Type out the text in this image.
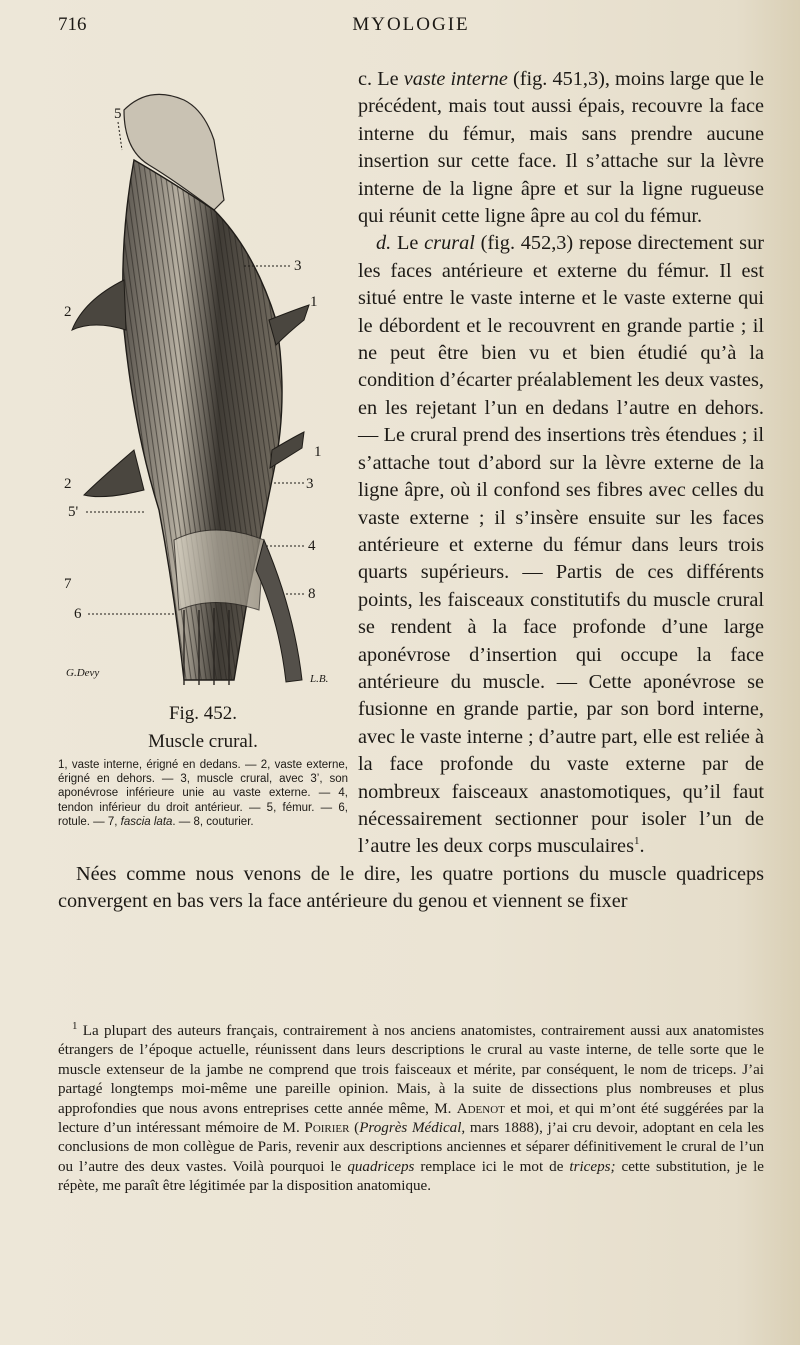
716	MYOLOGIE
5
3
2
1
1
2	3
5'
4
7
8
6
G.Devy	L.B.
Fig. 452.
Muscle crural.
1, vaste interne, érigné en dedans. — 2, vaste externe, érigné en dehors. — 3, muscle crural, avec 3’, son aponévrose inférieure unie au vaste externe. — 4, tendon inférieur du droit antérieur. — 5, fémur. — 6, rotule. — 7, fascia lata. — 8, couturier.

c. Le vaste interne (fig. 451,3), moins large que le précédent, mais tout aussi épais, recouvre la face interne du fémur, mais sans prendre aucune insertion sur cette face. Il s’attache sur la lèvre interne de la ligne âpre et sur la ligne rugueuse qui réunit cette ligne âpre au col du fémur.

d. Le crural (fig. 452,3) repose directement sur les faces antérieure et externe du fémur. Il est situé entre le vaste interne et le vaste externe qui le débordent et le recouvrent en grande partie ; il ne peut être bien vu et bien étudié qu’à la condition d’écarter préalablement les deux vastes, en les rejetant l’un en dedans l’autre en dehors. — Le crural prend des insertions très étendues ; il s’attache tout d’abord sur la lèvre externe de la ligne âpre, où il confond ses fibres avec celles du vaste externe ; il s’insère ensuite sur les faces antérieure et externe du fémur dans leurs trois quarts supérieurs. — Partis de ces différents points, les faisceaux constitutifs du muscle crural se rendent à la face profonde d’une large aponévrose d’insertion qui occupe la face antérieure du muscle. — Cette aponévrose se fusionne en grande partie, par son bord interne, avec le vaste interne ; d’autre part, elle est reliée à la face profonde du vaste externe par de nombreux faisceaux anastomotiques, qu’il faut nécessairement sectionner pour isoler l’un de l’autre les deux corps musculaires$^1$.

Nées comme nous venons de le dire, les quatre portions du muscle quadriceps convergent en bas vers la face antérieure du genou et viennent se fixer

$^1$ La plupart des auteurs français, contrairement à nos anciens anatomistes, contrairement aussi aux anatomistes étrangers de l’époque actuelle, réunissent dans leurs descriptions le crural au vaste interne, de telle sorte que le muscle extenseur de la jambe ne comprend que trois faisceaux et mérite, par conséquent, le nom de triceps. J’ai partagé longtemps moi-même une pareille opinion. Mais, à la suite de dissections plus nombreuses et plus approfondies que nous avons entreprises cette année même, M. Adenot et moi, et qui m’ont été suggérées par la lecture d’un intéressant mémoire de M. Poirier (Progrès Médical, mars 1888), j’ai cru devoir, adoptant en cela les conclusions de mon collègue de Paris, revenir aux descriptions anciennes et séparer définitivement le crural de l’un ou l’autre des deux vastes. Voilà pourquoi le quadriceps remplace ici le mot de triceps; cette substitution, je le répète, me paraît être légitimée par la disposition anatomique.
